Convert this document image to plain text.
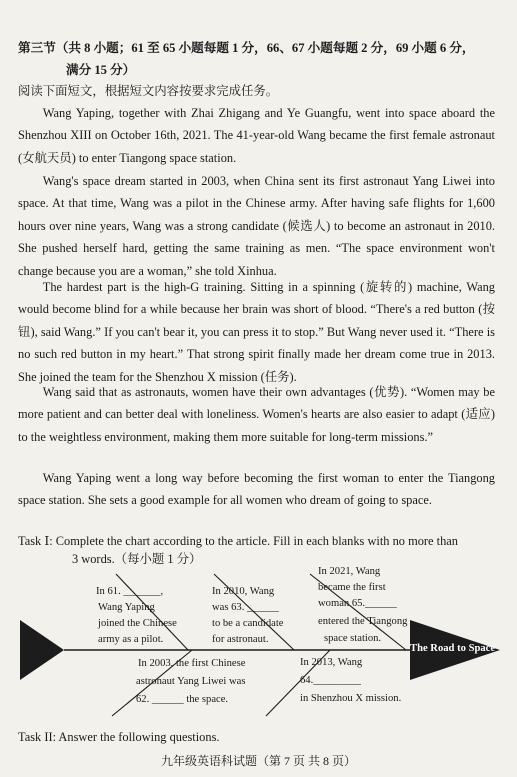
第三节（共 8 小题；61 至 65 小题每题 1 分，66、67 小题每题 2 分，69 小题 6 分，
满分 15 分）
阅读下面短文，根据短文内容按要求完成任务。
Wang Yaping, together with Zhai Zhigang and Ye Guangfu, went into space aboard the Shenzhou XIII on October 16th, 2021. The 41-year-old Wang became the first female astronaut (女航天员) to enter Tiangong space station.
Wang's space dream started in 2003, when China sent its first astronaut Yang Liwei into space. At that time, Wang was a pilot in the Chinese army. After having safe flights for 1,600 hours over nine years, Wang was a strong candidate (候选人) to become an astronaut in 2010. She pushed herself hard, getting the same training as men. “The space environment won't change because you are a woman,” she told Xinhua.
The hardest part is the high-G training. Sitting in a spinning (旋转的) machine, Wang would become blind for a while because her brain was short of blood. “There's a red button (按钮), said Wang.” If you can't bear it, you can press it to stop.” But Wang never used it. “There is no such red button in my heart.” That strong spirit finally made her dream come true in 2013. She joined the team for the Shenzhou X mission (任务).
Wang said that as astronauts, women have their own advantages (优势). “Women may be more patient and can better deal with loneliness. Women's hearts are also easier to adapt (适应) to the weightless environment, making them more suitable for long-term missions.”
Wang Yaping went a long way before becoming the first woman to enter the Tiangong space station. She sets a good example for all women who dream of going to space.
Task Ⅰ: Complete the chart according to the article. Fill in each blanks with no more than
3 words.（每小题 1 分）
The Road to Space
In 61. _______,
Wang Yaping
joined the Chinese
army as a pilot.
In 2010, Wang
was 63. ______
to be a candidate
for astronaut.
In 2021, Wang
became the first
woman 65.______
entered the Tiangong
space station.
In 2003, the first Chinese
astronaut Yang Liwei was
62. ______ the space.
In 2013, Wang
64._________
in Shenzhou X mission.
Task II: Answer the following questions.
九年级英语科试题（第 7 页 共 8 页）
